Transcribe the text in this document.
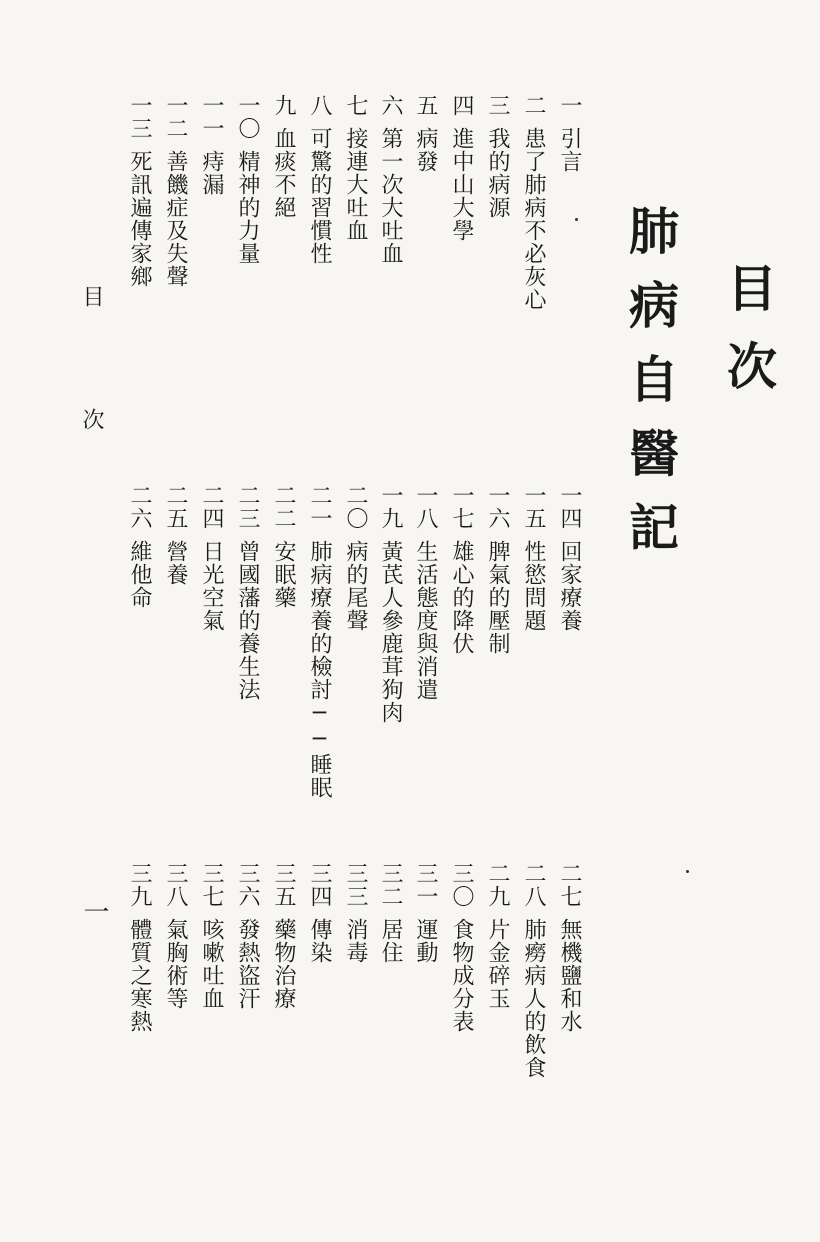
目次
肺病自醫記
目 次
一
一引言
二患了肺病不必灰心
三我的病源
四進中山大學
五病發
六第一次大吐血
七接連大吐血
八可驚的習慣性
九血痰不絕
一〇精神的力量
一一痔漏
一二善饑症及失聲
一三死訊遍傳家鄉
一四回家療養
一五性慾問題
一六脾氣的壓制
一七雄心的降伏
一八生活態度與消遣
一九黃芪人參鹿茸狗肉
二〇病的尾聲
二一肺病療養的檢討──睡眠
二二安眠藥
二三曾國藩的養生法
二四日光空氣
二五營養
二六維他命
二七無機鹽和水
二八肺癆病人的飲食
二九片金碎玉
三〇食物成分表
三一運動
三二居住
三三消毒
三四傳染
三五藥物治療
三六發熱盜汗
三七咳嗽吐血
三八氣胸術等
三九體質之寒熱
